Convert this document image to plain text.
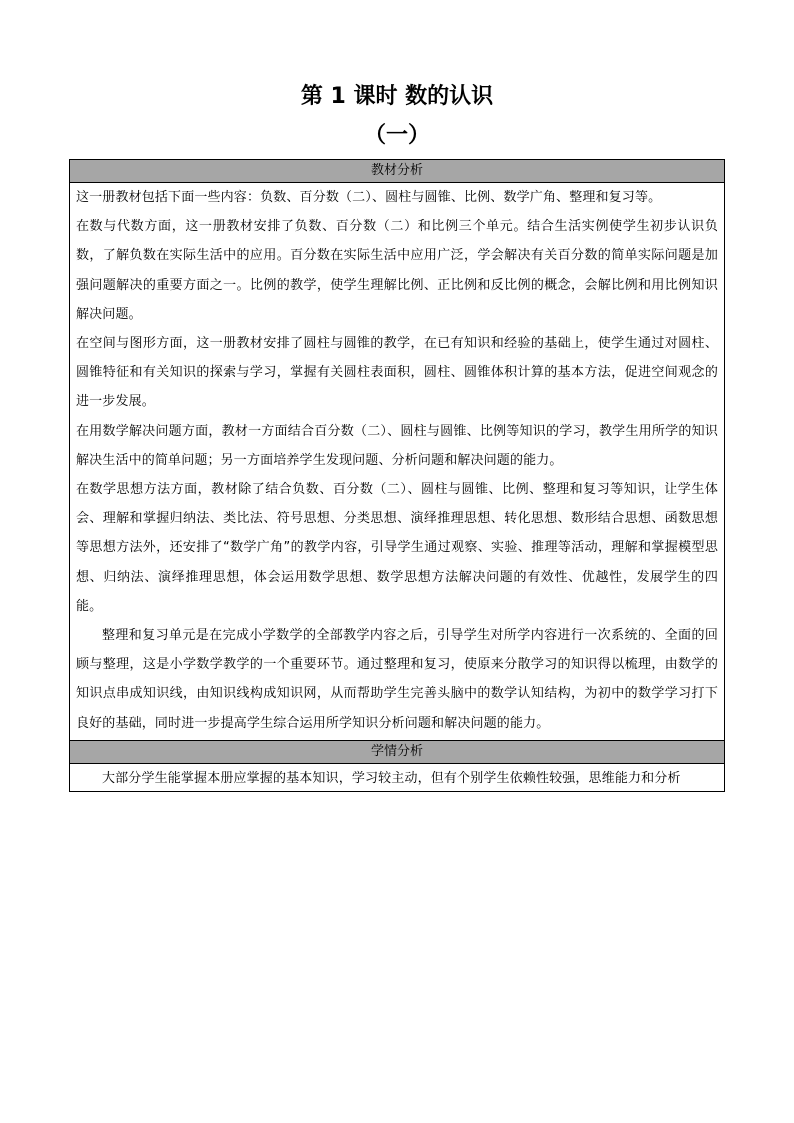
第 1 课时 数的认识
（一）
教材分析

这一册教材包括下面一些内容：负数、百分数（二）、圆柱与圆锥、比例、数学广角、整理和复习等。

在数与代数方面，这一册教材安排了负数、百分数（二）和比例三个单元。结合生活实例使学生初步认识负数，了解负数在实际生活中的应用。百分数在实际生活中应用广泛，学会解决有关百分数的简单实际问题是加强问题解决的重要方面之一。比例的教学，使学生理解比例、正比例和反比例的概念，会解比例和用比例知识解决问题。

在空间与图形方面，这一册教材安排了圆柱与圆锥的教学，在已有知识和经验的基础上，使学生通过对圆柱、圆锥特征和有关知识的探索与学习，掌握有关圆柱表面积，圆柱、圆锥体积计算的基本方法，促进空间观念的进一步发展。

在用数学解决问题方面，教材一方面结合百分数（二）、圆柱与圆锥、比例等知识的学习，教学生用所学的知识解决生活中的简单问题；另一方面培养学生发现问题、分析问题和解决问题的能力。

在数学思想方法方面，教材除了结合负数、百分数（二）、圆柱与圆锥、比例、整理和复习等知识，让学生体会、理解和掌握归纳法、类比法、符号思想、分类思想、演绎推理思想、转化思想、数形结合思想、函数思想等思想方法外，还安排了“数学广角”的教学内容，引导学生通过观察、实验、推理等活动，理解和掌握模型思想、归纳法、演绎推理思想，体会运用数学思想、数学思想方法解决问题的有效性、优越性，发展学生的四能。

整理和复习单元是在完成小学数学的全部教学内容之后，引导学生对所学内容进行一次系统的、全面的回顾与整理，这是小学数学教学的一个重要环节。通过整理和复习，使原来分散学习的知识得以梳理，由数学的知识点串成知识线，由知识线构成知识网，从而帮助学生完善头脑中的数学认知结构，为初中的数学学习打下良好的基础，同时进一步提高学生综合运用所学知识分析问题和解决问题的能力。

学情分析

大部分学生能掌握本册应掌握的基本知识，学习较主动，但有个别学生依赖性较强，思维能力和分析
